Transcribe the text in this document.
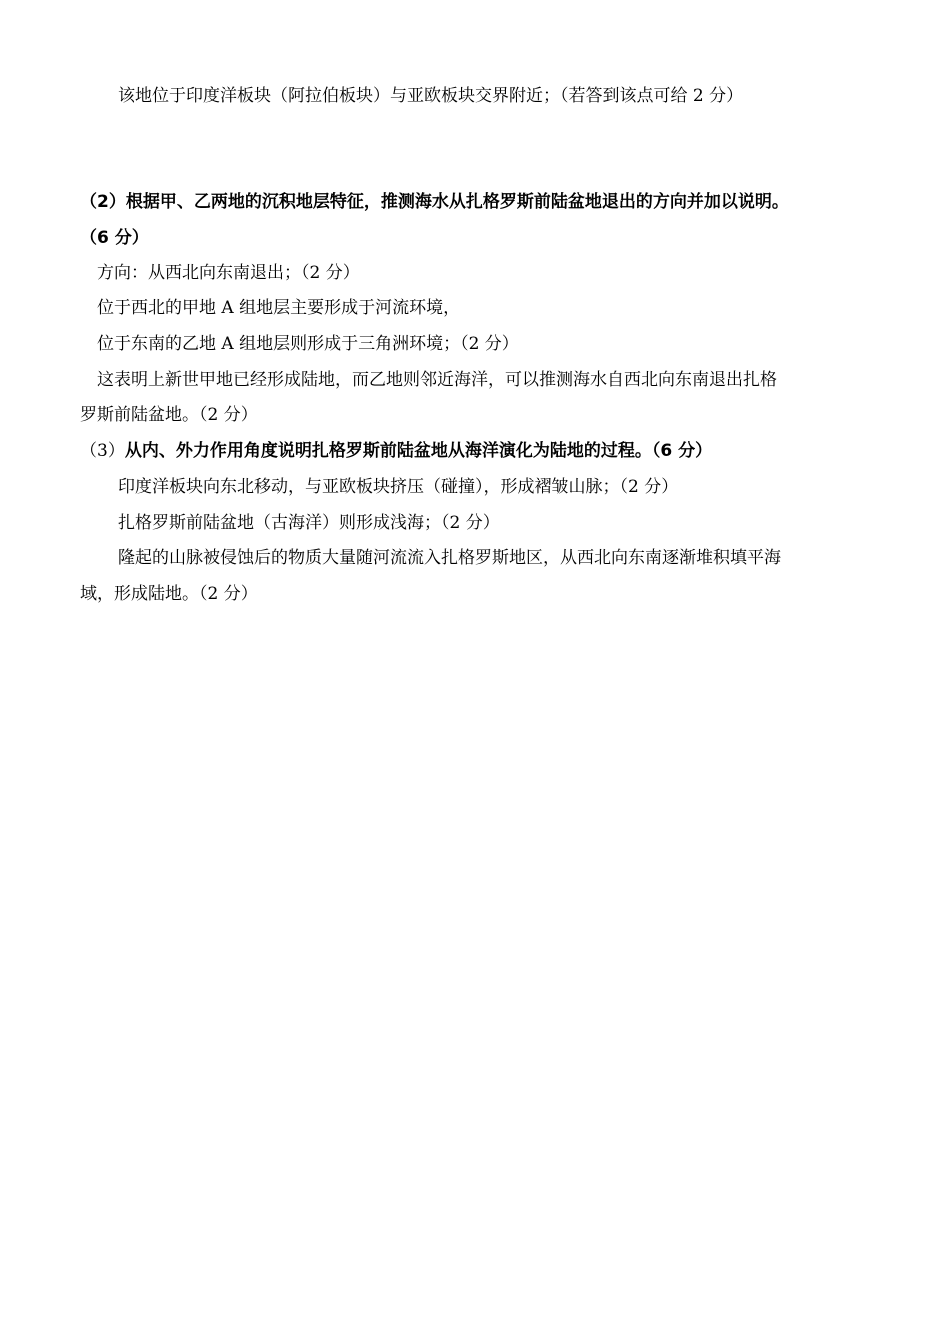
该地位于印度洋板块（阿拉伯板块）与亚欧板块交界附近；（若答到该点可给 2 分）
（2）根据甲、乙两地的沉积地层特征，推测海水从扎格罗斯前陆盆地退出的方向并加以说明。
（6 分）
方向：从西北向东南退出；（2 分）
位于西北的甲地 A 组地层主要形成于河流环境，
位于东南的乙地 A 组地层则形成于三角洲环境；（2 分）
这表明上新世甲地已经形成陆地，而乙地则邻近海洋，可以推测海水自西北向东南退出扎格
罗斯前陆盆地。（2 分）
（3）从内、外力作用角度说明扎格罗斯前陆盆地从海洋演化为陆地的过程。（6 分）
印度洋板块向东北移动，与亚欧板块挤压（碰撞），形成褶皱山脉；（2 分）
扎格罗斯前陆盆地（古海洋）则形成浅海；（2 分）
隆起的山脉被侵蚀后的物质大量随河流流入扎格罗斯地区，从西北向东南逐渐堆积填平海
域，形成陆地。（2 分）
